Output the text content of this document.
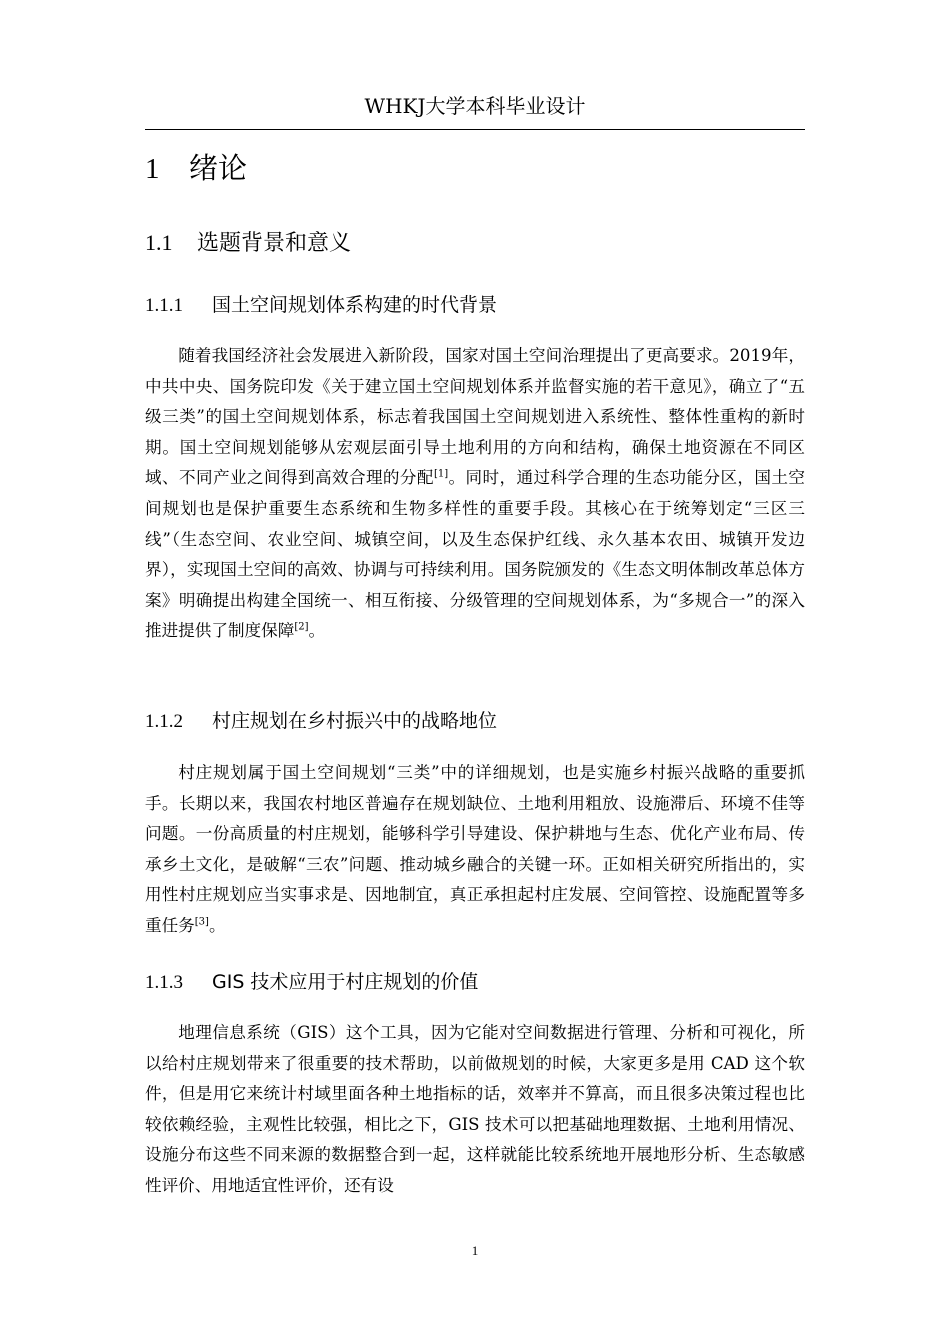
WHKJ大学本科毕业设计
1 绪论
1.1 选题背景和意义
1.1.1 国土空间规划体系构建的时代背景

随着我国经济社会发展进入新阶段，国家对国土空间治理提出了更高要求。2019年，中共中央、国务院印发《关于建立国土空间规划体系并监督实施的若干意见》，确立了“五级三类”的国土空间规划体系，标志着我国国土空间规划进入系统性、整体性重构的新时期。国土空间规划能够从宏观层面引导土地利用的方向和结构，确保土地资源在不同区域、不同产业之间得到高效合理的分配[1]。同时，通过科学合理的生态功能分区，国土空间规划也是保护重要生态系统和生物多样性的重要手段。其核心在于统筹划定“三区三线”（生态空间、农业空间、城镇空间，以及生态保护红线、永久基本农田、城镇开发边界），实现国土空间的高效、协调与可持续利用。国务院颁发的《生态文明体制改革总体方案》明确提出构建全国统一、相互衔接、分级管理的空间规划体系，为“多规合一”的深入推进提供了制度保障[2]。

1.1.2 村庄规划在乡村振兴中的战略地位

村庄规划属于国土空间规划“三类”中的详细规划，也是实施乡村振兴战略的重要抓手。长期以来，我国农村地区普遍存在规划缺位、土地利用粗放、设施滞后、环境不佳等问题。一份高质量的村庄规划，能够科学引导建设、保护耕地与生态、优化产业布局、传承乡土文化，是破解“三农”问题、推动城乡融合的关键一环。正如相关研究所指出的，实用性村庄规划应当实事求是、因地制宜，真正承担起村庄发展、空间管控、设施配置等多重任务[3]。

1.1.3 GIS 技术应用于村庄规划的价值

地理信息系统（GIS）这个工具，因为它能对空间数据进行管理、分析和可视化，所以给村庄规划带来了很重要的技术帮助，以前做规划的时候，大家更多是用 CAD 这个软件，但是用它来统计村域里面各种土地指标的话，效率并不算高，而且很多决策过程也比较依赖经验，主观性比较强，相比之下，GIS 技术可以把基础地理数据、土地利用情况、设施分布这些不同来源的数据整合到一起，这样就能比较系统地开展地形分析、生态敏感性评价、用地适宜性评价，还有设

1
